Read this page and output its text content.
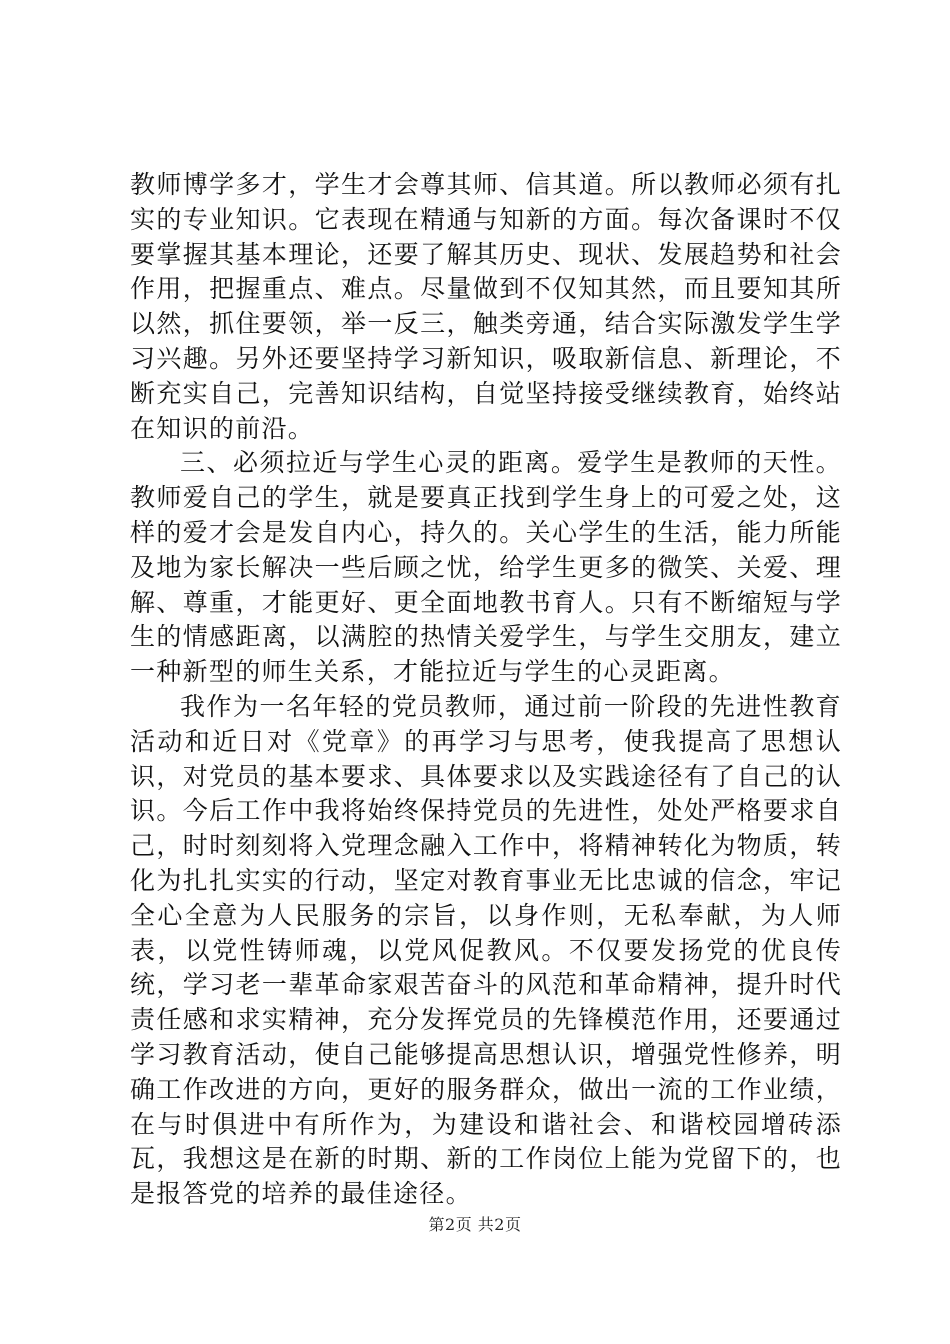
教师博学多才，学生才会尊其师、信其道。所以教师必须有扎实的专业知识。它表现在精通与知新的方面。每次备课时不仅要掌握其基本理论，还要了解其历史、现状、发展趋势和社会作用，把握重点、难点。尽量做到不仅知其然，而且要知其所以然，抓住要领，举一反三，触类旁通，结合实际激发学生学习兴趣。另外还要坚持学习新知识，吸取新信息、新理论，不断充实自己，完善知识结构，自觉坚持接受继续教育，始终站在知识的前沿。

三、必须拉近与学生心灵的距离。爱学生是教师的天性。教师爱自己的学生，就是要真正找到学生身上的可爱之处，这样的爱才会是发自内心，持久的。关心学生的生活，能力所能及地为家长解决一些后顾之忧，给学生更多的微笑、关爱、理解、尊重，才能更好、更全面地教书育人。只有不断缩短与学生的情感距离，以满腔的热情关爱学生，与学生交朋友，建立一种新型的师生关系，才能拉近与学生的心灵距离。

我作为一名年轻的党员教师，通过前一阶段的先进性教育活动和近日对《党章》的再学习与思考，使我提高了思想认识，对党员的基本要求、具体要求以及实践途径有了自己的认识。今后工作中我将始终保持党员的先进性，处处严格要求自己，时时刻刻将入党理念融入工作中，将精神转化为物质，转化为扎扎实实的行动，坚定对教育事业无比忠诚的信念，牢记全心全意为人民服务的宗旨，以身作则，无私奉献，为人师表，以党性铸师魂，以党风促教风。不仅要发扬党的优良传统，学习老一辈革命家艰苦奋斗的风范和革命精神，提升时代责任感和求实精神，充分发挥党员的先锋模范作用，还要通过学习教育活动，使自己能够提高思想认识，增强党性修养，明确工作改进的方向，更好的服务群众，做出一流的工作业绩，在与时俱进中有所作为，为建设和谐社会、和谐校园增砖添瓦，我想这是在新的时期、新的工作岗位上能为党留下的，也是报答党的培养的最佳途径。

第2页 共2页
